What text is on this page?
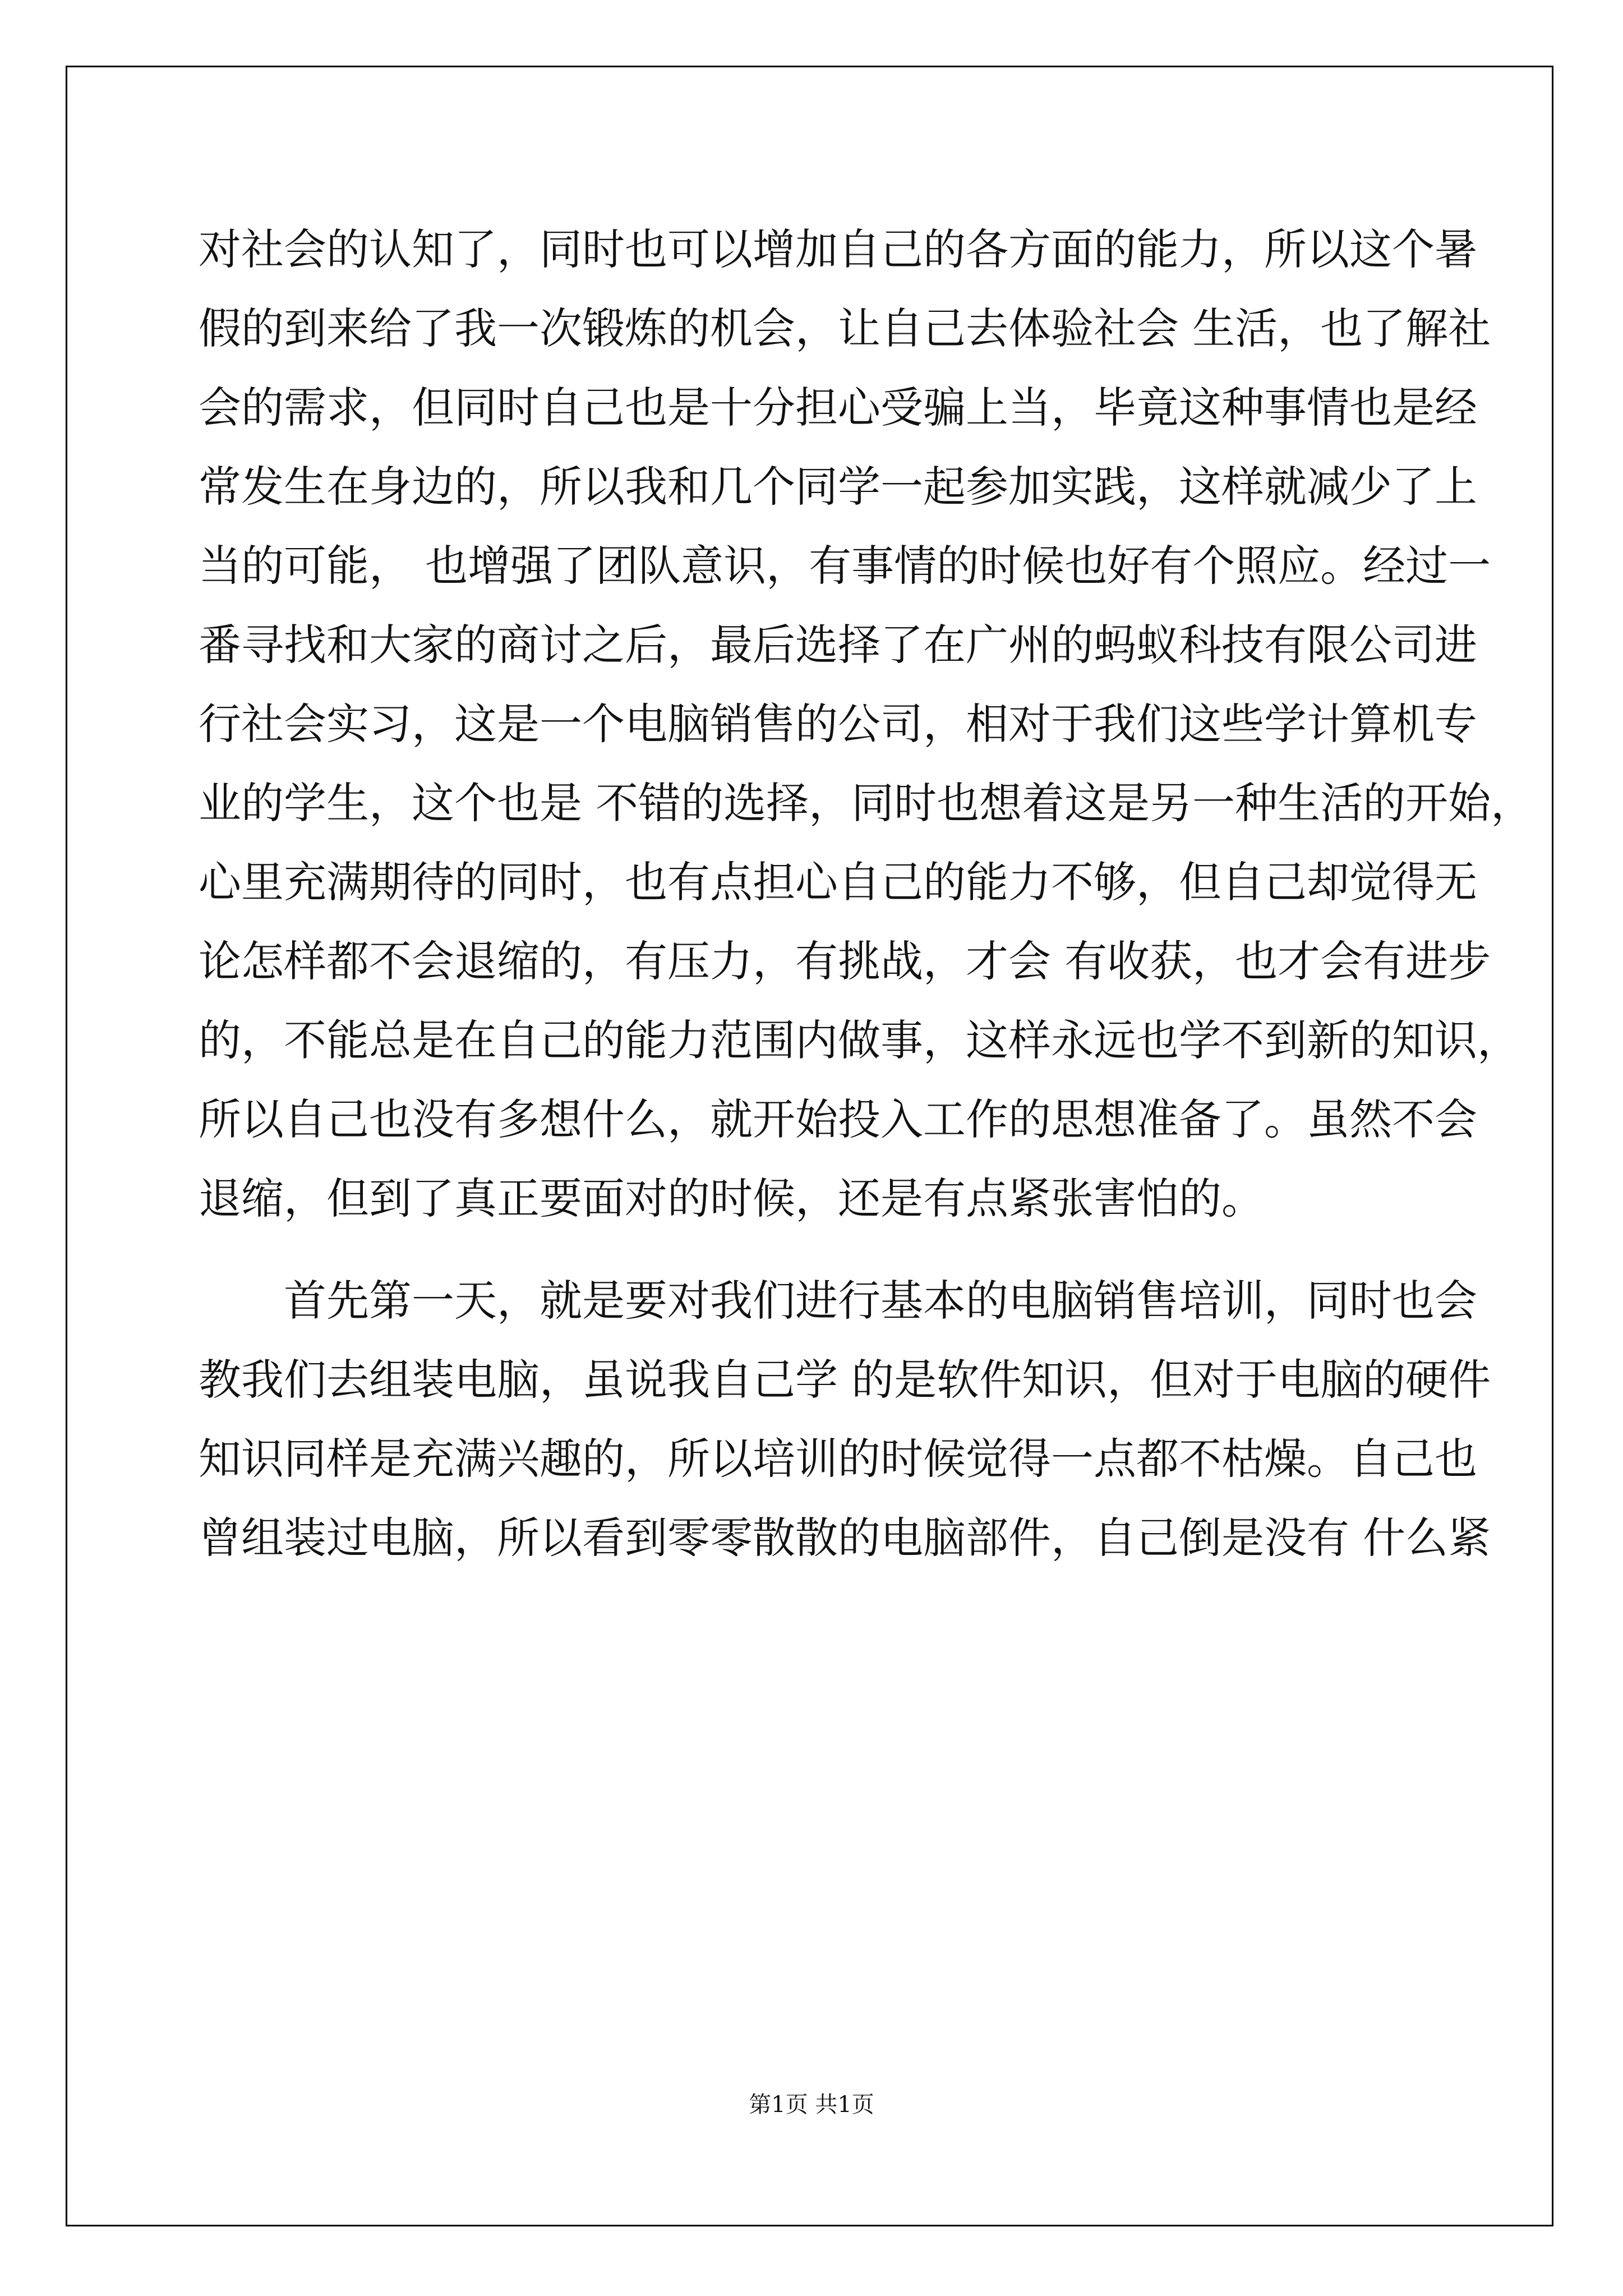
对社会的认知了，同时也可以增加自己的各方面的能力，所以这个暑
假的到来给了我一次锻炼的机会，让自己去体验社会 生活，也了解社
会的需求，但同时自己也是十分担心受骗上当，毕竟这种事情也是经
常发生在身边的，所以我和几个同学一起参加实践，这样就减少了上
当的可能， 也增强了团队意识，有事情的时候也好有个照应。经过一
番寻找和大家的商讨之后，最后选择了在广州的蚂蚁科技有限公司进
行社会实习，这是一个电脑销售的公司，相对于我们这些学计算机专
业的学生，这个也是 不错的选择，同时也想着这是另一种生活的开始，
心里充满期待的同时，也有点担心自己的能力不够，但自己却觉得无
论怎样都不会退缩的，有压力，有挑战，才会 有收获，也才会有进步
的，不能总是在自己的能力范围内做事，这样永远也学不到新的知识，
所以自己也没有多想什么，就开始投入工作的思想准备了。虽然不会
退缩，但到了真正要面对的时候，还是有点紧张害怕的。
首先第一天，就是要对我们进行基本的电脑销售培训，同时也会
教我们去组装电脑，虽说我自己学 的是软件知识，但对于电脑的硬件
知识同样是充满兴趣的，所以培训的时候觉得一点都不枯燥。自己也
曾组装过电脑，所以看到零零散散的电脑部件，自己倒是没有 什么紧
第1页 共1页
